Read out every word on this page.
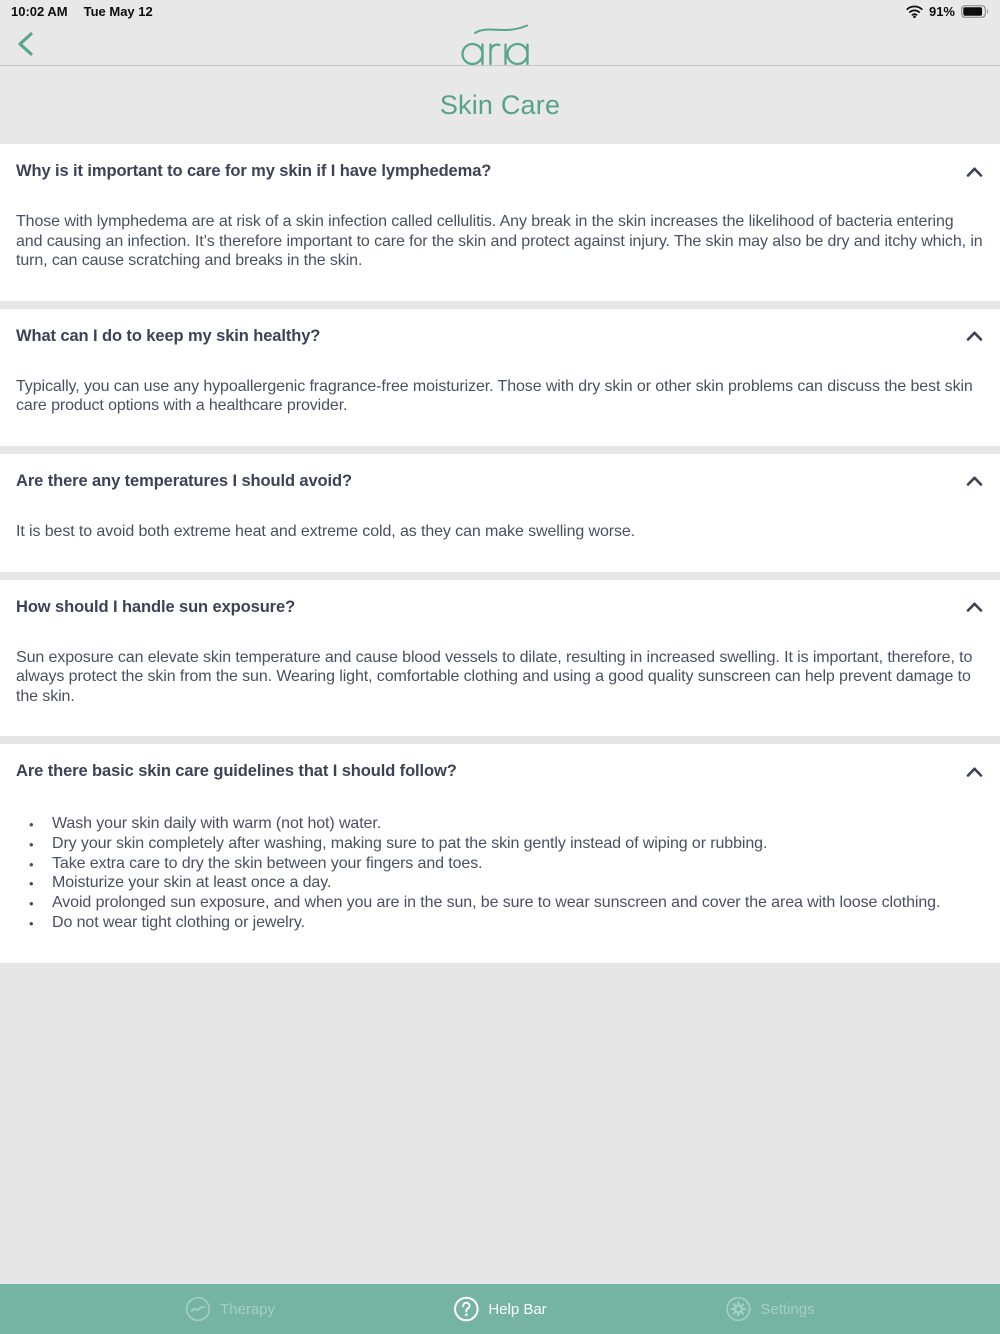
10:02 AM Tue May 12	91%
Skin Care
Why is it important to care for my skin if I have lymphedema?

Those with lymphedema are at risk of a skin infection called cellulitis. Any break in the skin increases the likelihood of bacteria entering and causing an infection. It’s therefore important to care for the skin and protect against injury. The skin may also be dry and itchy which, in turn, can cause scratching and breaks in the skin.

What can I do to keep my skin healthy?

Typically, you can use any hypoallergenic fragrance-free moisturizer. Those with dry skin or other skin problems can discuss the best skin care product options with a healthcare provider.

Are there any temperatures I should avoid?

It is best to avoid both extreme heat and extreme cold, as they can make swelling worse.

How should I handle sun exposure?

Sun exposure can elevate skin temperature and cause blood vessels to dilate, resulting in increased swelling. It is important, therefore, to always protect the skin from the sun. Wearing light, comfortable clothing and using a good quality sunscreen can help prevent damage to the skin.

Are there basic skin care guidelines that I should follow?
• Wash your skin daily with warm (not hot) water.
• Dry your skin completely after washing, making sure to pat the skin gently instead of wiping or rubbing.
• Take extra care to dry the skin between your fingers and toes.
• Moisturize your skin at least once a day.
• Avoid prolonged sun exposure, and when you are in the sun, be sure to wear sunscreen and cover the area with loose clothing.
• Do not wear tight clothing or jewelry.
Therapy	Help Bar	Settings
